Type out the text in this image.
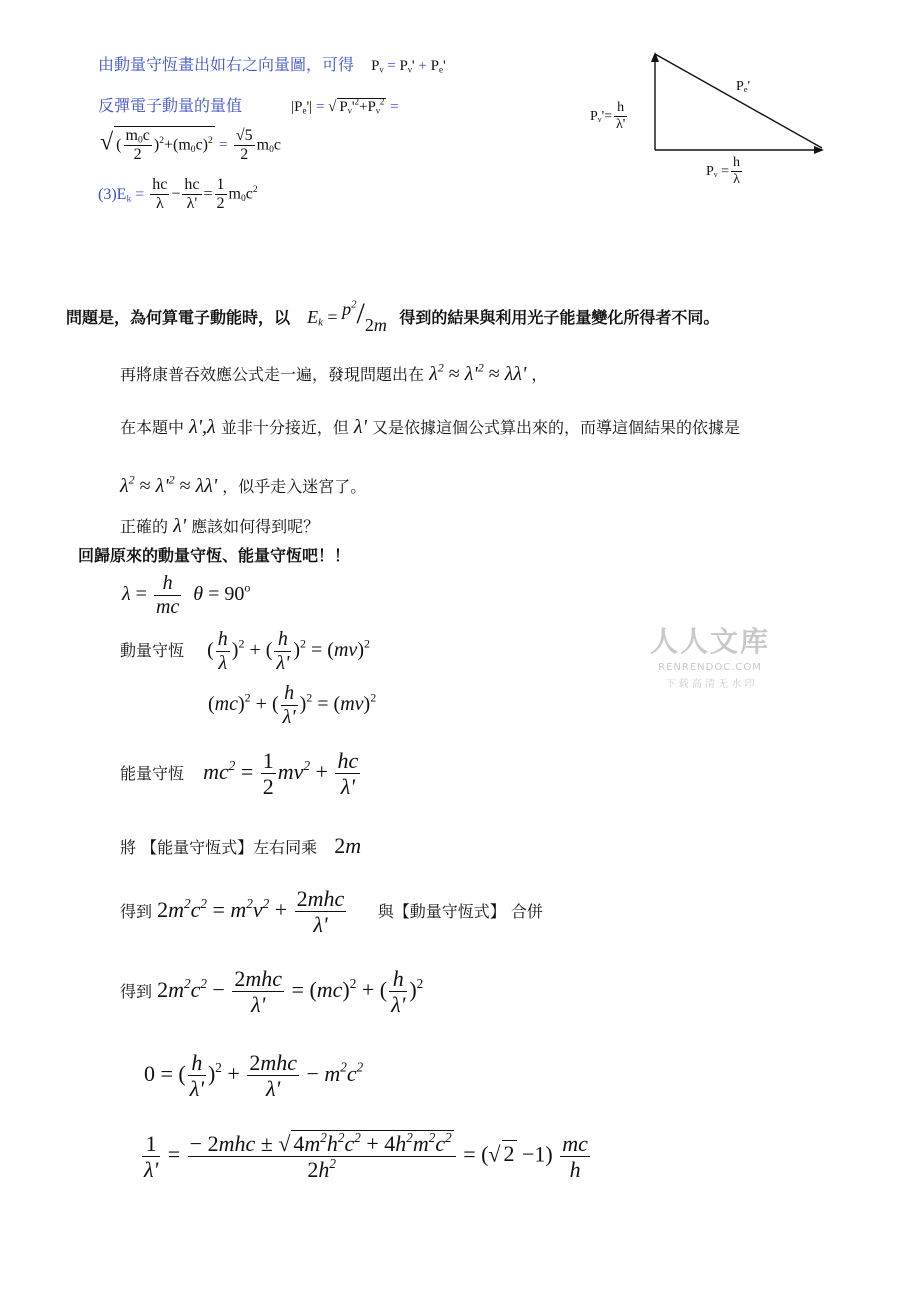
由動量守恆畫出如右之向量圖，可得 $P_\nu = P_\nu' + P_e'$
反彈電子動量的量值	$|P_e'|$ = √ $P_\nu'^2+P_\nu^2$ =
√ ( $\frac{m_0c}{2} )^2+(m_0c)^2 = \frac{√5}{2} m_0c$
$(3)E_k = \frac{hc}{\lambda} - \frac{hc}{\lambda'} = \frac{1}{2} m_0c^2$
$P_e'$
$P_\nu'= \frac{h}{\lambda'}$
$P_\nu = \frac{h}{\lambda}$
問題是，為何算電子動能時，以 $E_k = p^2/2m$ 得到的結果與利用光子能量變化所得者不同。
再將康普吞效應公式走一遍，發現問題出在 $\lambda^2 \approx \lambda'^2 \approx \lambda\lambda'$ ，
在本題中 λ',λ 並非十分接近，但 λ' 又是依據這個公式算出來的，而導這個結果的依據是
$\lambda^2 \approx \lambda'^2 \approx \lambda\lambda'$ ，似乎走入迷宮了。
正確的 λ' 應該如何得到呢？
回歸原來的動量守恆、能量守恆吧！！
$\lambda = \frac{h}{mc}$ $\theta = 90^o$
動量守恆 ( $\frac{h}{\lambda} )^2$ + ( $\frac{h}{\lambda'} )^2 = (mv)^2$
(mc)$^2$ + ( $\frac{h}{\lambda'} )^2 = (mv)^2$
能量守恆 $mc^2 = \frac{1}{2} mv^2 + \frac{hc}{\lambda'}$
將 【能量守恆式】左右同乘 2m
得到 $2m^2c^2 = m^2v^2 + \frac{\text{2mhc}}{\lambda'}$ 與【動量守恆式】 合併
得到 $2m^2c^2 - \frac{\text{2mhc}}{\lambda'} = (mc)^2$ + ( $\frac{h}{\lambda'} )^2$
0 = ( $\frac{h}{\lambda'} )^2 + \frac{\text{2mhc}}{\lambda'} - m^2c^2$
$\frac{1}{\lambda'} = \frac{- 2mhc \pm √ 4m^2h^2c^2 + 4h^2m^2c^2}{2h^2}$ = (√ $2 -1) \frac{mc}{h}$
人人文库
RENRENDOC.COM
下 载 高 清 无 水 印
